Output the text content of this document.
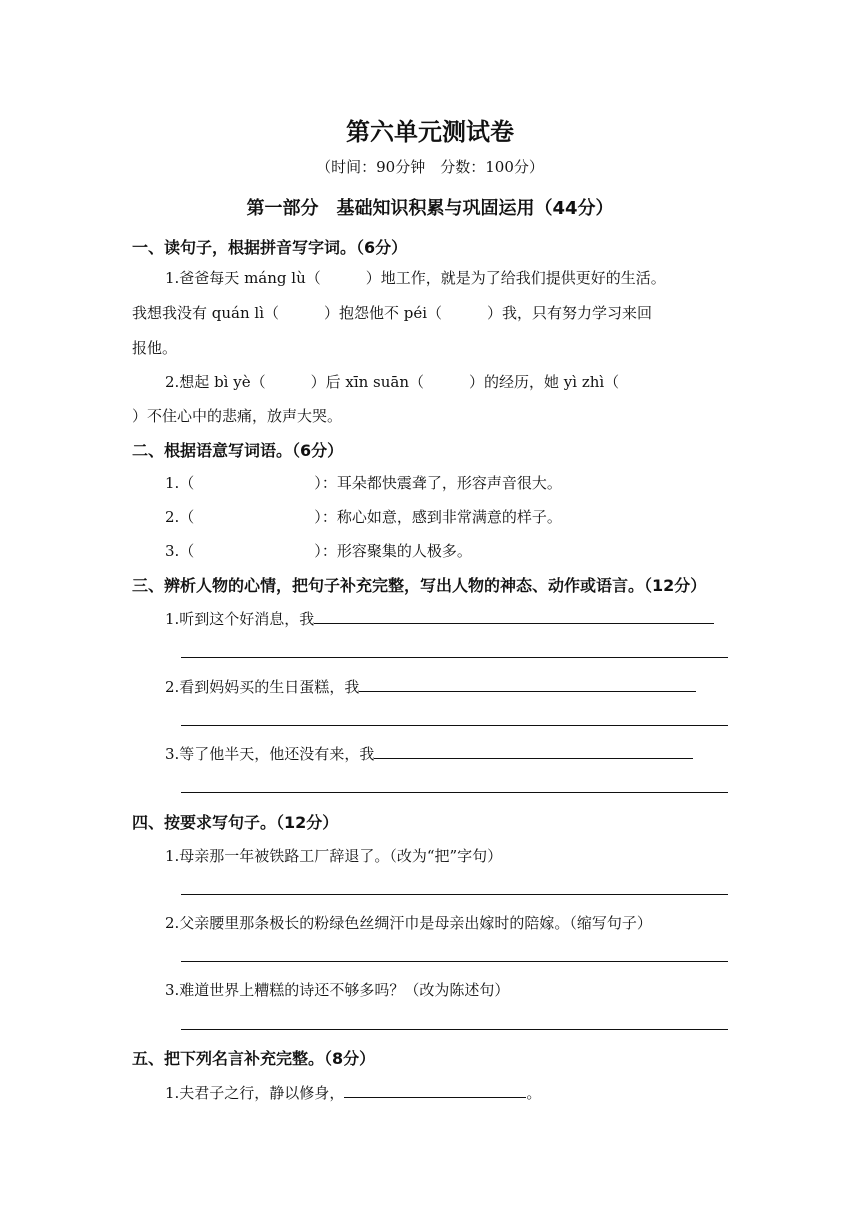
第六单元测试卷
（时间：90分钟　分数：100分）
第一部分　基础知识积累与巩固运用（44分）
一、读句子，根据拼音写字词。（6分）
1.爸爸每天 máng lù（　　　）地工作，就是为了给我们提供更好的生活。
我想我没有 quán lì（　　　）抱怨他不 péi（　　　）我，只有努力学习来回
报他。
2.想起 bì yè（　　　）后 xīn suān（　　　）的经历，她 yì zhì（
）不住心中的悲痛，放声大哭。
二、根据语意写词语。（6分）
1.（　　　　　　　　）：耳朵都快震聋了，形容声音很大。
2.（　　　　　　　　）：称心如意，感到非常满意的样子。
3.（　　　　　　　　）：形容聚集的人极多。
三、辨析人物的心情，把句子补充完整，写出人物的神态、动作或语言。（12分）
1.听到这个好消息，我
2.看到妈妈买的生日蛋糕，我
3.等了他半天，他还没有来，我
四、按要求写句子。（12分）
1.母亲那一年被铁路工厂辞退了。（改为“把”字句）
2.父亲腰里那条极长的粉绿色丝绸汗巾是母亲出嫁时的陪嫁。（缩写句子）
3.难道世界上糟糕的诗还不够多吗？（改为陈述句）
五、把下列名言补充完整。（8分）
1.夫君子之行，静以修身，	。
